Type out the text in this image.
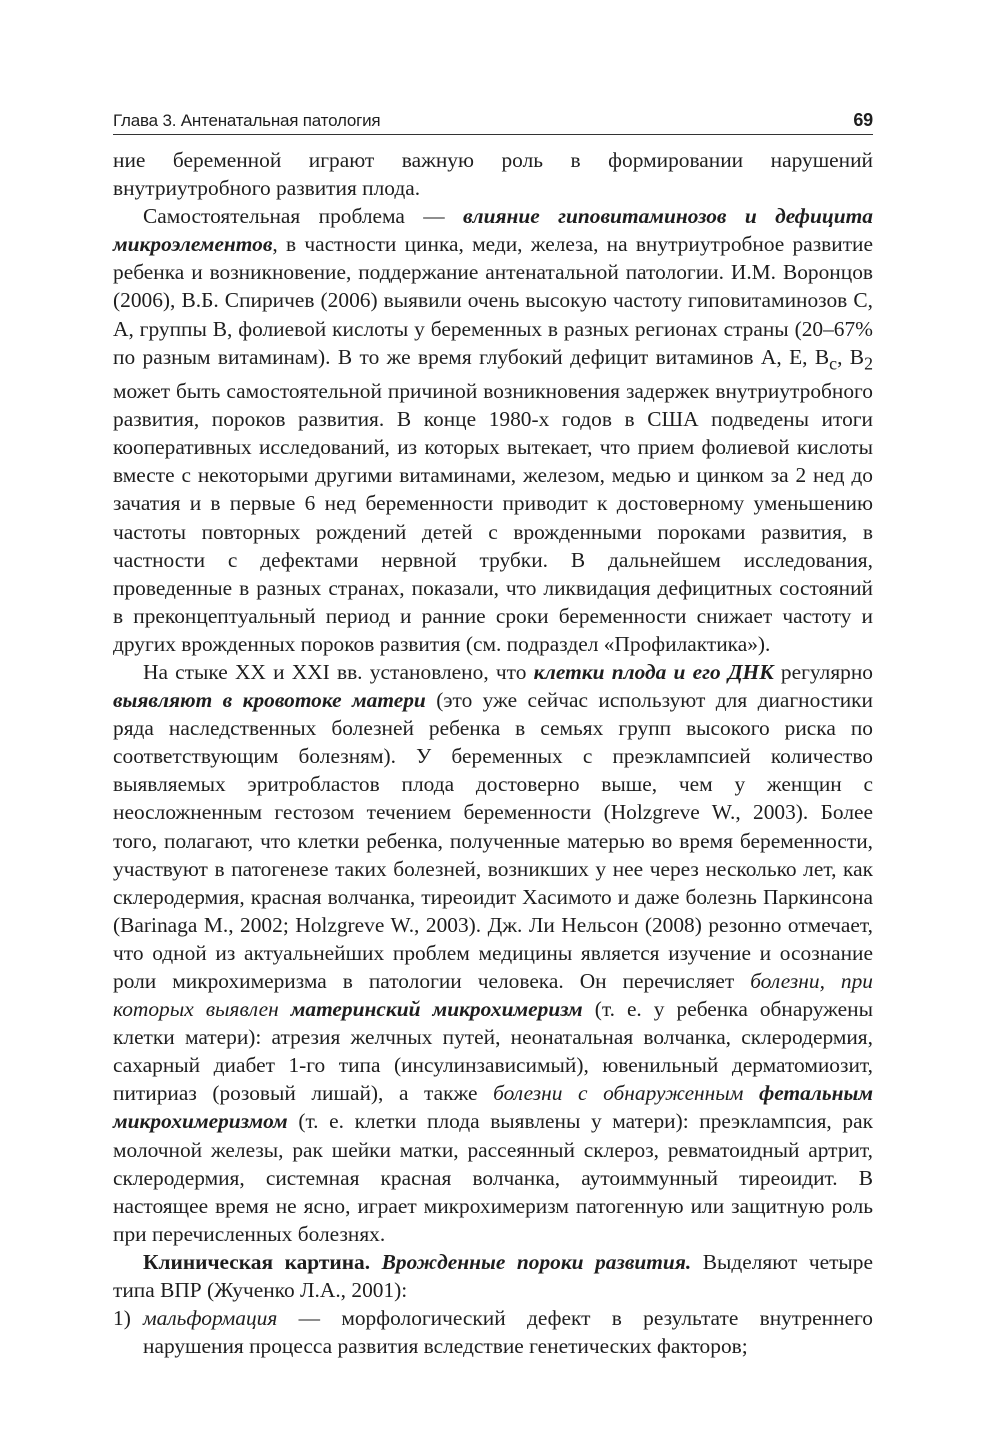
Глава 3. Антенатальная патология	69

ние беременной играют важную роль в формировании нарушений внутриутробного развития плода.

Самостоятельная проблема — влияние гиповитаминозов и дефицита микроэлементов, в частности цинка, меди, железа, на внутриутробное развитие ребенка и возникновение, поддержание антенатальной патологии. И.М. Воронцов (2006), В.Б. Спиричев (2006) выявили очень высокую частоту гиповитаминозов С, А, группы В, фолиевой кислоты у беременных в разных регионах страны (20–67% по разным витаминам). В то же время глубокий дефицит витаминов А, Е, $В_c$, $В_2$ может быть самостоятельной причиной возникновения задержек внутриутробного развития, пороков развития. В конце 1980-х годов в США подведены итоги кооперативных исследований, из которых вытекает, что прием фолиевой кислоты вместе с некоторыми другими витаминами, железом, медью и цинком за 2 нед до зачатия и в первые 6 нед беременности приводит к достоверному уменьшению частоты повторных рождений детей с врожденными пороками развития, в частности с дефектами нервной трубки. В дальнейшем исследования, проведенные в разных странах, показали, что ликвидация дефицитных состояний в преконцептуальный период и ранние сроки беременности снижает частоту и других врожденных пороков развития (см. подраздел «Профилактика»).

На стыке XX и XXI вв. установлено, что клетки плода и его ДНК регулярно выявляют в кровотоке матери (это уже сейчас используют для диагностики ряда наследственных болезней ребенка в семьях групп высокого риска по соответствующим болезням). У беременных с преэклампсией количество выявляемых эритробластов плода достоверно выше, чем у женщин с неосложненным гестозом течением беременности (Holzgreve W., 2003). Более того, полагают, что клетки ребенка, полученные матерью во время беременности, участвуют в патогенезе таких болезней, возникших у нее через несколько лет, как склеродермия, красная волчанка, тиреоидит Хасимото и даже болезнь Паркинсона (Barinaga M., 2002; Holzgreve W., 2003). Дж. Ли Нельсон (2008) резонно отмечает, что одной из актуальнейших проблем медицины является изучение и осознание роли микрохимеризма в патологии человека. Он перечисляет болезни, при которых выявлен материнский микрохимеризм (т. е. у ребенка обнаружены клетки матери): атрезия желчных путей, неонатальная волчанка, склеродермия, сахарный диабет 1-го типа (инсулинзависимый), ювенильный дерматомиозит, питириаз (розовый лишай), а также болезни с обнаруженным фетальным микрохимеризмом (т. е. клетки плода выявлены у матери): преэклампсия, рак молочной железы, рак шейки матки, рассеянный склероз, ревматоидный артрит, склеродермия, системная красная волчанка, аутоиммунный тиреоидит. В настоящее время не ясно, играет микрохимеризм патогенную или защитную роль при перечисленных болезнях.

Клиническая картина. Врожденные пороки развития. Выделяют четыре типа ВПР (Жученко Л.А., 2001):

1) мальформация — морфологический дефект в результате внутреннего нарушения процесса развития вследствие генетических факторов;
